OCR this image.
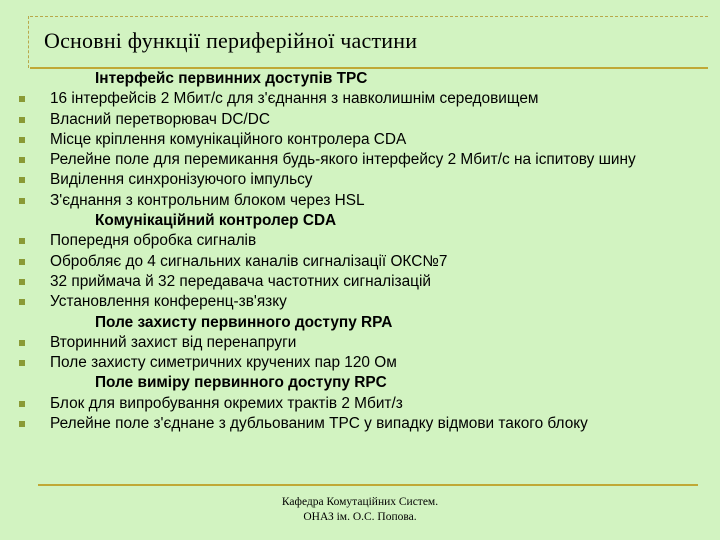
Основні функції периферійної частини
Інтерфейс первинних доступів TPC
16 інтерфейсів 2 Мбит/с для з'єднання з навколишнім середовищем
Власний перетворювач DC/DC
Місце кріплення комунікаційного контролера CDA
Релейне поле для перемикання будь-якого інтерфейсу 2 Мбит/с на іспитову шину
Виділення синхронізуючого імпульсу
З'єднання з контрольним блоком через HSL
Комунікаційний контролер CDA
Попередня обробка сигналів
Обробляє до 4 сигнальних каналів сигналізації ОКС№7
32 приймача й 32 передавача частотних сигналізацій
Установлення конференц-зв'язку
Поле захисту первинного доступу RPA
Вторинний захист від перенапруги
Поле захисту симетричних кручених пар 120 Ом
Поле виміру первинного доступу RPC
Блок для випробування окремих трактів 2 Мбит/з
Релейне поле з'єднане з дубльованим TPC у випадку відмови такого блоку
Кафедра Комутаційних Систем.
ОНАЗ ім. О.С. Попова.
